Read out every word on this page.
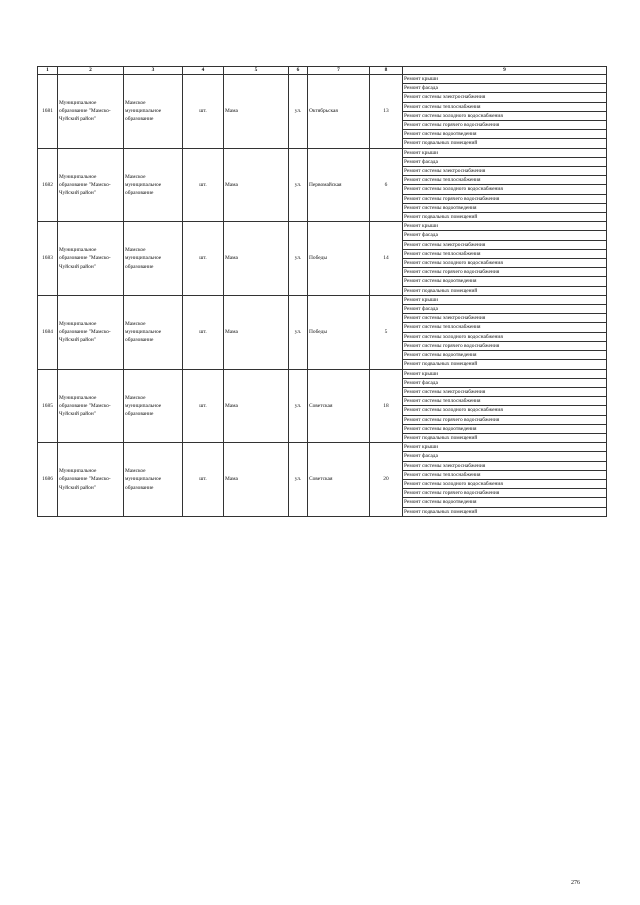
1	2	3	4	5	6	7	8	9
1681	Муниципальное образование "Мамско-Чуйский район"	Мамское муниципальное образование	шт.	Мама	ул.	Октябрьская	13	Ремонт крыши
								Ремонт фасада
								Ремонт системы электроснабжения
								Ремонт системы теплоснабжения
								Ремонт системы холодного водоснабжения
								Ремонт системы горячего водоснабжения
								Ремонт системы водоотведения
								Ремонт подвальных помещений
1682	Муниципальное образование "Мамско-Чуйский район"	Мамское муниципальное образование	шт.	Мама	ул.	Первомайская	6	Ремонт крыши
								Ремонт фасада
								Ремонт системы электроснабжения
								Ремонт системы теплоснабжения
								Ремонт системы холодного водоснабжения
								Ремонт системы горячего водоснабжения
								Ремонт системы водоотведения
								Ремонт подвальных помещений
1683	Муниципальное образование "Мамско-Чуйский район"	Мамское муниципальное образование	шт.	Мама	ул.	Победы	14	Ремонт крыши
								Ремонт фасада
								Ремонт системы электроснабжения
								Ремонт системы теплоснабжения
								Ремонт системы холодного водоснабжения
								Ремонт системы горячего водоснабжения
								Ремонт системы водоотведения
								Ремонт подвальных помещений
1684	Муниципальное образование "Мамско-Чуйский район"	Мамское муниципальное образование	шт.	Мама	ул.	Победы	5	Ремонт крыши
								Ремонт фасада
								Ремонт системы электроснабжения
								Ремонт системы теплоснабжения
								Ремонт системы холодного водоснабжения
								Ремонт системы горячего водоснабжения
								Ремонт системы водоотведения
								Ремонт подвальных помещений
1685	Муниципальное образование "Мамско-Чуйский район"	Мамское муниципальное образование	шт.	Мама	ул.	Советская	18	Ремонт крыши
								Ремонт фасада
								Ремонт системы электроснабжения
								Ремонт системы теплоснабжения
								Ремонт системы холодного водоснабжения
								Ремонт системы горячего водоснабжения
								Ремонт системы водоотведения
								Ремонт подвальных помещений
1686	Муниципальное образование "Мамско-Чуйский район"	Мамское муниципальное образование	шт.	Мама	ул.	Советская	20	Ремонт крыши
								Ремонт фасада
								Ремонт системы электроснабжения
								Ремонт системы теплоснабжения
								Ремонт системы холодного водоснабжения
								Ремонт системы горячего водоснабжения
								Ремонт системы водоотведения
								Ремонт подвальных помещений
276
